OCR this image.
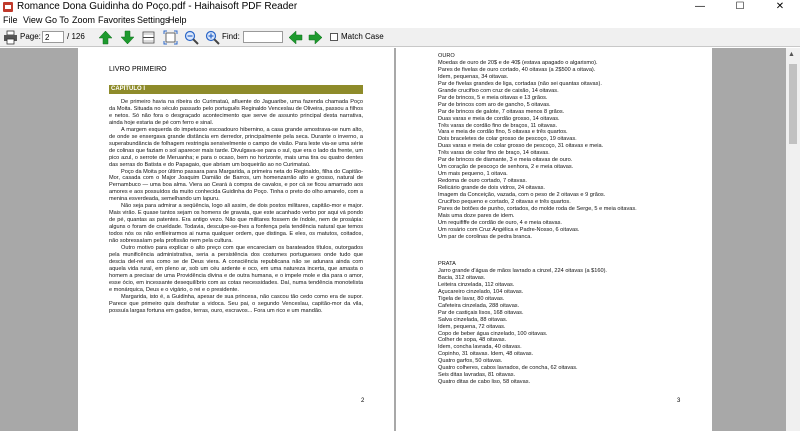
Romance Dona Guidinha do Poço.pdf - Haihaisoft PDF Reader	—	☐	✕
File View Go To Zoom Favorites Settings
Help
Page:
2	/ 126	Find:	Match Case
LIVRO PRIMEIRO
CAPÍTULO I

De primeiro havia na ribeira do Curimataú, afluente do Jaguaribe, uma fazenda chamada Poço da Moita. Situada no século passado pelo português Reginaldo Venceslau de Oliveira, passou a filhos e netos. Só não fora o desgraçado acontecimento que serve de assunto principal desta narrativa, ainda hoje estaria de pé com ferro e sinal.

A margem esquerda do impetuoso escoadouro hibernino, a casa grande amostrava-se num alto, de onde se enxergava grande distância em derredor, principalmente pela seca. Durante o inverno, a superabundância de folhagem restringia sensivelmente o campo de visão. Para leste via-se uma série de colinas que faziam o sol aparecer mais tarde. Divulgava-se para o sul, que era o lado da frente, um pico azul, o serrote de Meruanha; e para o ocaso, bem no horizonte, mais uma tira ou quatro dentes das serras do Batista e do Papagaio, que abriam um boqueirão ao no Curimataú.

Poço da Moita por último passara para Margarida, a primeira neta do Reginaldo, filha do Capitão-Mor, casada com o Major Joaquim Damião de Barros, um homenzarrão alto e grosso, natural de Pernambuco — uma boa alma. Viera ao Ceará à compra de cavalos, e por cá se ficou amarrado aos amores e aos possuídos da muito conhecida Guidinha do Poço. Tinha o preto do olho amarelo, com a menina esverdeada, semelhando um lapuru.

Não seja para admirar a seqüência, logo ali assim, de dois postos militares, capitão-mor e major. Mais virão. E quase tantos sejam os homens de gravata, que este acanhado verbo por aqui vá pondo de pé, quantas as patentes. Era antigo vezo. Não que militares fossem de índole, nem de prosápia: alguns o foram de crueldade. Todavia, desculpe-se-lhes a fonfença pela tendência natural que temos todos nós os não enfileirarmos ai numa qualquer ordem, que distinga. E eles, os matutos, coitados, não sobressaíam pela profissão nem pela cultura.

Outro motivo para explicar o alto preço com que encareciam os barateados títulos, outorgados pela munificência administrativa, seria a persistência dos costumes portugueses onde tudo que descia del-rei era como se de Deus viera. A consciência republicana não se adunara ainda com aquela vida rural, em pleno ar, sob um céu ardente e oco, em uma natureza incerta, que amasta o homem a precisar de uma Providência divina e de outra humana, e o impele mole e dia para o amor, esse ócio, em incessante desequilíbrio com as cotas necessidades. Daí, numa tendência monotelista e monárquica, Deus e o vigário, o rei e o presidente.

Margarida, isto é, a Guidinha, apesar de sua princesa, não cascou tão cedo como era de supor. Parece que primeiro quis desfrutar a vidoca. Seu pai, o segundo Venceslau, capitão-mor da vila, possuía largas fortuna em gados, terras, ouro, escravos... Fora um rico e um mandão.

2
OURO
Moedas de ouro de 20$ e de 40$ (estava apagado o algarismo).
Pares de fivelas de ouro cortado, 40 oitavas (a 2$500 a oitava).
Idem, pequenas, 34 oitavas.
Par de fivelas grandes de liga, cortadas (não sei quantas oitavas).
Grande crucifixo com cruz de caixão, 14 oitavas.
Par de brincos, 5 e meia oitavas e 13 grãos.
Par de brincos com aro de gancho, 5 oitavas.
Par de brincos de galote, 7 oitavas menos 8 grãos.
Duas varas e meia de cordão grosso, 14 oitavas.
Três varas de cordão fino de braços, 11 oitavas.
Vara e meia de cordão fino, 5 oitavas e três quartos.
Dois braceletes de colar grosso de pescoço, 19 oitavas.
Duas varas e meia de colar grosso de pescoço, 31 oitavas e meia.
Três varas de colar fino de braço, 14 oitavas.
Par de brincos de diamante, 3 e meia oitavas de ouro.
Um coração de pescoço de senhora, 2 e meia oitavas.
Um mais pequeno, 1 oitava.
Redoma de ouro cortado, 7 oitavas.
Relicário grande de dois vidros, 24 oitavas.
Imagem da Conceição, vazada, com o peso de 2 oitavas e 9 grãos.
Crucifixo pequeno e cortado, 2 oitavas e três quartos.
Pares de botões de punho, cortados, do molde roda de Serge, 5 e meia oitavas.
Mais uma doze pares de idem.
Um requififfe de cordão de ouro, 4 e meia oitavas.
Um rosário com Cruz Angélica e Padre-Nosso, 6 oitavas.
Um par de corolinas de pedra branca.
PRATA
Jarro grande d'água de mãos lavrado a cinzel, 224 oitavas (a $160).
Bacia, 312 oitavas.
Leiteira cinzelada, 112 oitavas.
Açucareiro cinzelado, 104 oitavas.
Tigela de lavar, 80 oitavas.
Cafeteira cinzelada, 288 oitavas.
Par de castiçais lisos, 168 oitavas.
Salva cinzelada, 88 oitavas.
Idem, pequena, 72 oitavas.
Copo de beber água cinzelado, 100 oitavas.
Colher de sopa, 48 oitavas.
Idem, concha lavrada, 40 oitavas.
Copinho, 31 oitavas. Idem, 48 oitavas.
Quatro garfos, 50 oitavas.
Quatro colheres, cabos lavrados, de concha, 62 oitavas.
Seis ditas lavradas, 81 oitavas.
Quatro ditas de cabo liso, 58 oitavas.
3
▲
